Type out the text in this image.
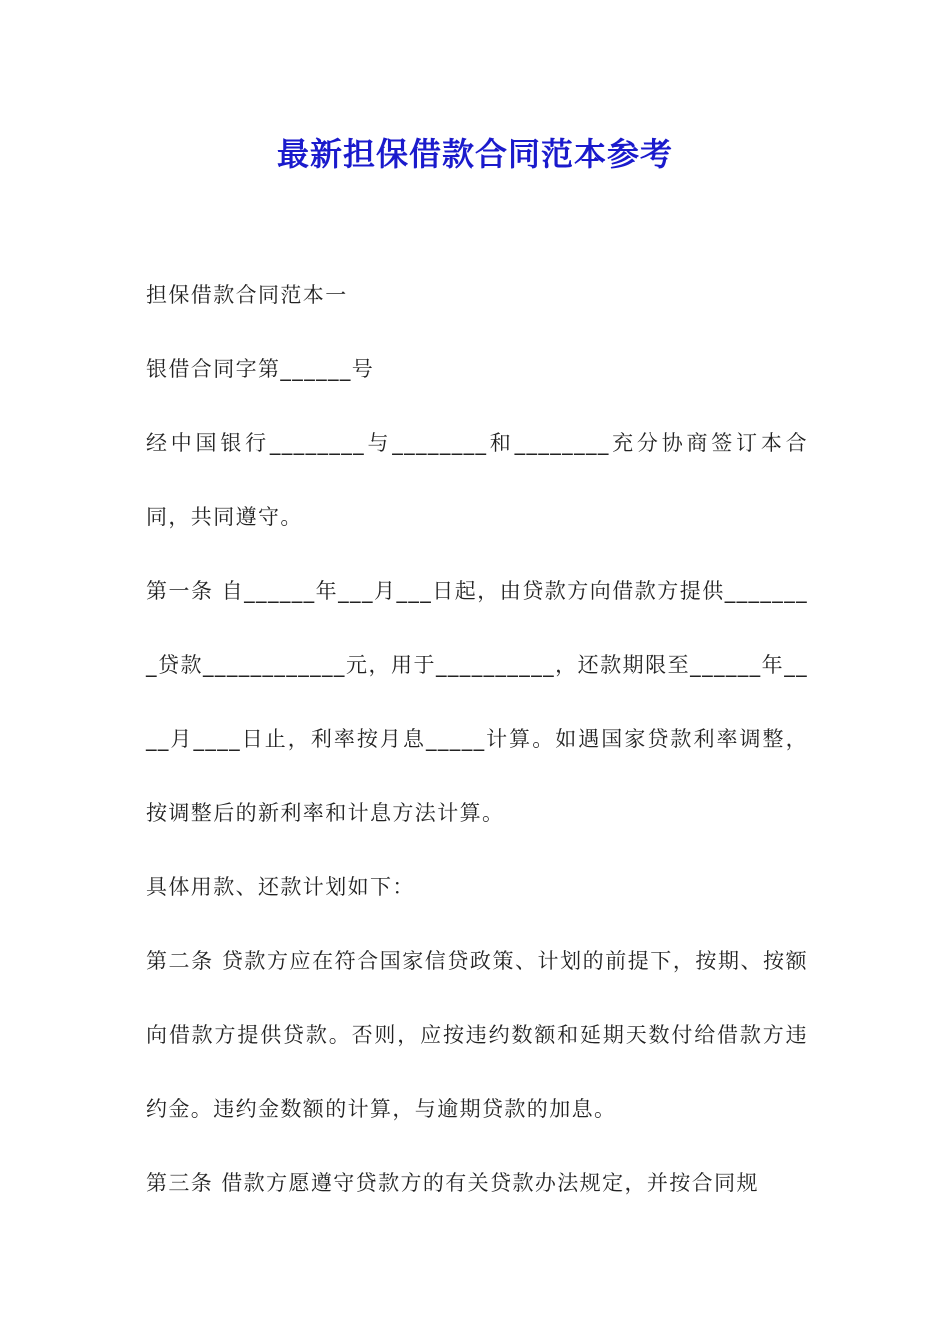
最新担保借款合同范本参考

担保借款合同范本一

银借合同字第______号

经中国银行________与________和________充分协商签订本合同，共同遵守。

第一条 自______年___月___日起，由贷款方向借款方提供________贷款____________元，用于__________，还款期限至______年____月____日止，利率按月息_____计算。如遇国家贷款利率调整，按调整后的新利率和计息方法计算。

具体用款、还款计划如下：

第二条 贷款方应在符合国家信贷政策、计划的前提下，按期、按额向借款方提供贷款。否则，应按违约数额和延期天数付给借款方违约金。违约金数额的计算，与逾期贷款的加息。

第三条 借款方愿遵守贷款方的有关贷款办法规定，并按合同规
